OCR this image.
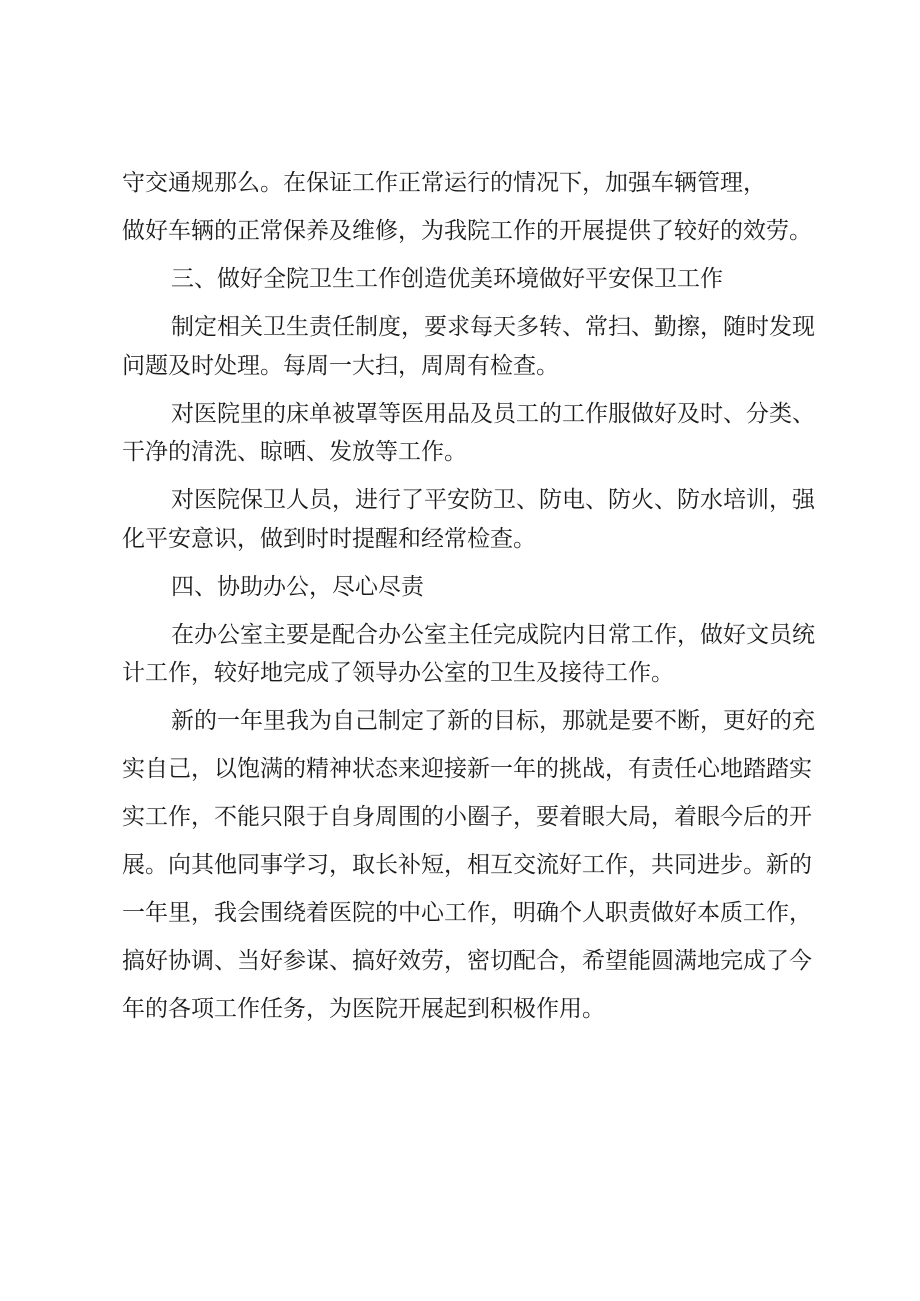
守交通规那么。在保证工作正常运行的情况下，加强车辆管理，
做好车辆的正常保养及维修，为我院工作的开展提供了较好的效劳。
三、做好全院卫生工作创造优美环境做好平安保卫工作
制定相关卫生责任制度，要求每天多转、常扫、勤擦，随时发现
问题及时处理。每周一大扫，周周有检查。
对医院里的床单被罩等医用品及员工的工作服做好及时、分类、
干净的清洗、晾晒、发放等工作。
对医院保卫人员，进行了平安防卫、防电、防火、防水培训，强
化平安意识，做到时时提醒和经常检查。
四、协助办公，尽心尽责
在办公室主要是配合办公室主任完成院内日常工作，做好文员统
计工作，较好地完成了领导办公室的卫生及接待工作。
新的一年里我为自己制定了新的目标，那就是要不断，更好的充
实自己，以饱满的精神状态来迎接新一年的挑战，有责任心地踏踏实
实工作，不能只限于自身周围的小圈子，要着眼大局，着眼今后的开
展。向其他同事学习，取长补短，相互交流好工作，共同进步。新的
一年里，我会围绕着医院的中心工作，明确个人职责做好本质工作，
搞好协调、当好参谋、搞好效劳，密切配合，希望能圆满地完成了今
年的各项工作任务，为医院开展起到积极作用。
